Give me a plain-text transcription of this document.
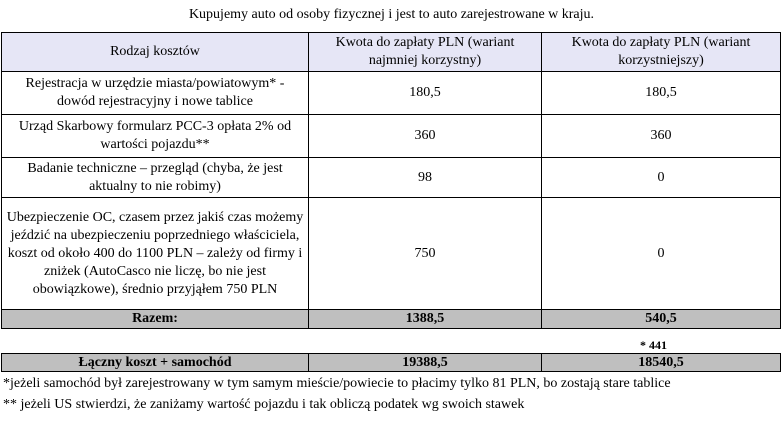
Kupujemy auto od osoby fizycznej i jest to auto zarejestrowane w kraju.
Rodzaj kosztów	Kwota do zapłaty PLN (wariant najmniej korzystny)	Kwota do zapłaty PLN (wariant korzystniejszy)
Rejestracja w urzędzie miasta/powiatowym* - dowód rejestracyjny i nowe tablice	180,5	180,5
Urząd Skarbowy formularz PCC-3 opłata 2% od wartości pojazdu**	360	360
Badanie techniczne – przegląd (chyba, że jest aktualny to nie robimy)	98	0
Ubezpieczenie OC, czasem przez jakiś czas możemy jeździć na ubezpieczeniu poprzedniego właściciela, koszt od około 400 do 1100 PLN – zależy od firmy i zniżek (AutoCasco nie liczę, bo nie jest obowiązkowe), średnio przyjąłem 750 PLN	750	0
Razem:	1388,5	540,5
* 441
Łączny koszt + samochód	19388,5	18540,5
*jeżeli samochód był zarejestrowany w tym samym mieście/powiecie to płacimy tylko 81 PLN, bo zostają stare tablice
** jeżeli US stwierdzi, że zaniżamy wartość pojazdu i tak obliczą podatek wg swoich stawek
